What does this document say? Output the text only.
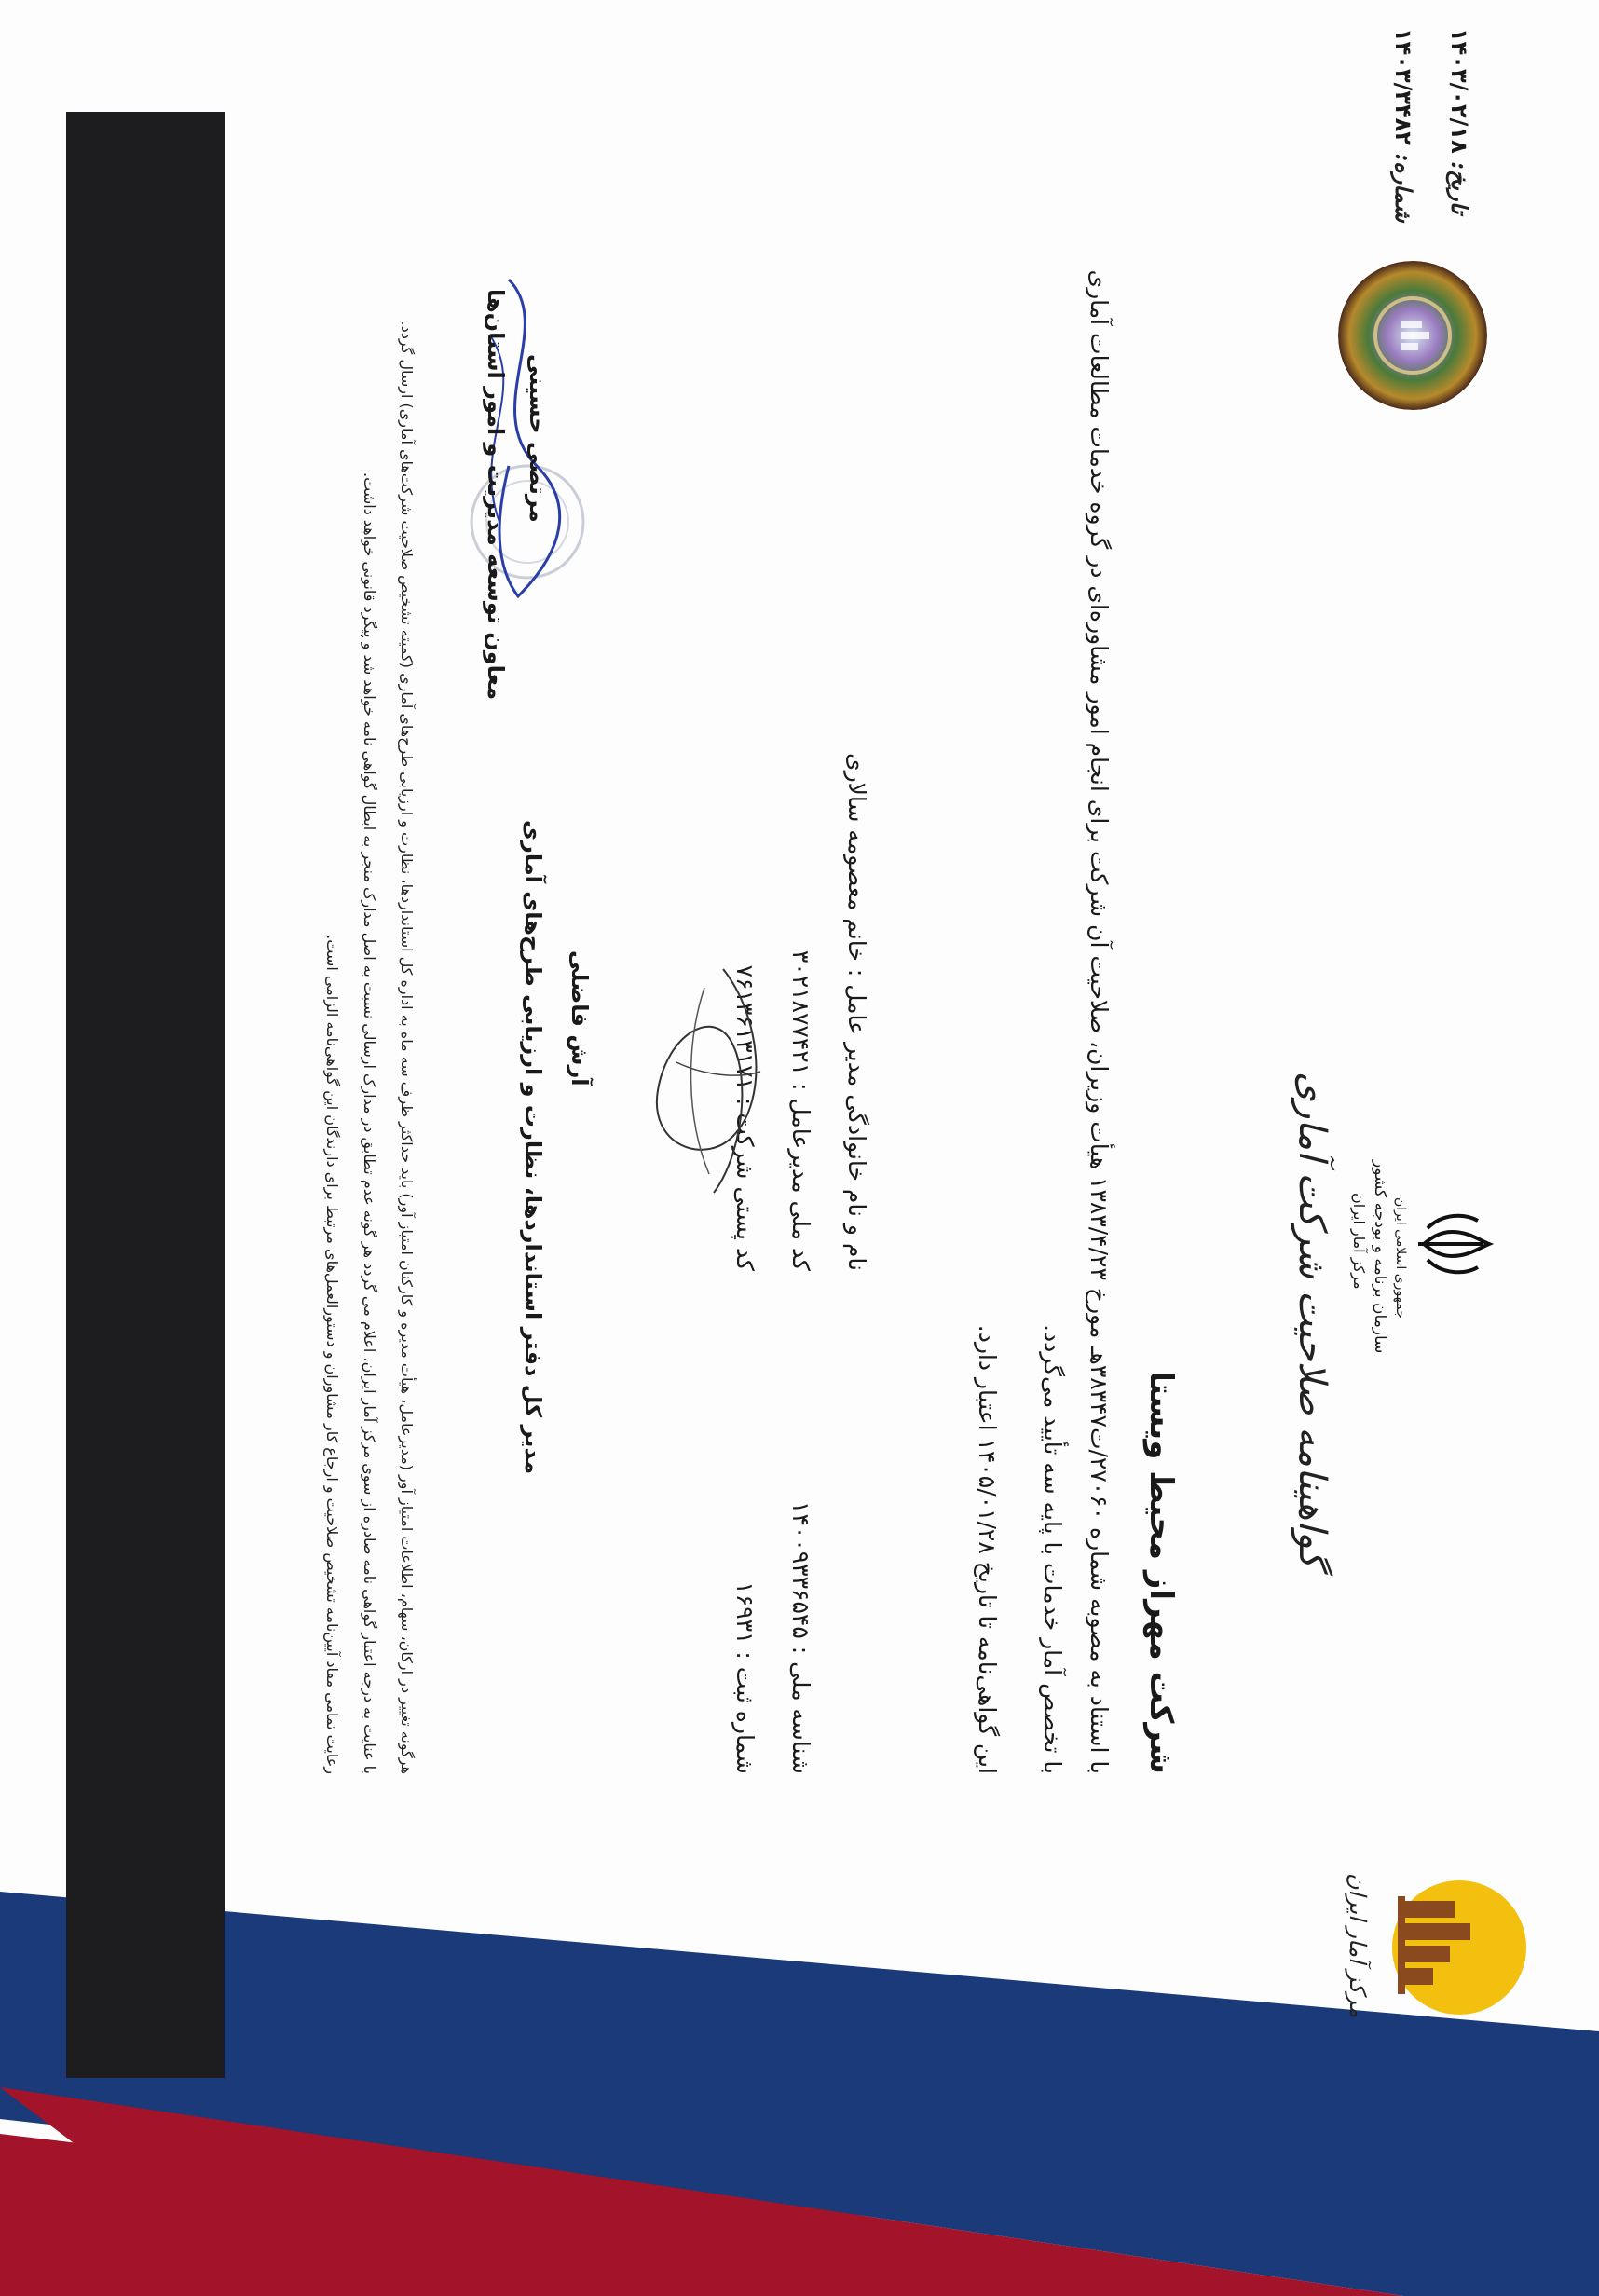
مرکز آمار ایران
جمهوری اسلامی ایران
سازمان برنامه و بودجه کشور
مرکز آمار ایران
گواهینامه صلاحیت شرکت آماری
تاریخ: ۱۴۰۳/۰۲/۱۸
شماره: ۱۴۰۳/۳۴۸۲
شرکت مهراز محیط ویستا
با استناد به مصوبه شماره ۲۷۰۶۰/ت۳۸۳۴۷هـ مورخ ۱۳۸۳/۴/۲۳ هیأت وزیران، صلاحیت آن شرکت برای انجام امور مشاوره‌ای در گروه خدمات مطالعات آماری
با تخصص آمار خدمات با پایه سه تأیید می‌گردد.
این گواهی‌نامه تا تاریخ ۱۴۰۵/۰۱/۲۸ اعتبار دارد.
نام و نام خانوادگی مدیر عامل : خانم معصومه سالاری
کد ملی مدیرعامل : ۳۰۲۱۸۷۷۴۲۱
کد پستی شرکت : ۷۶۱۳۶۱۳۱۷۱
شناسه ملی : ۱۴۰۰۹۳۳۶۵۴۵
شماره ثبت : ۱۶۹۳۱
آرش فاضلی
مدیر کل دفتر استانداردها، نظارت و ارزیابی طرح‌های آماری
مرتضی حسینی
معاون توسعه مدیریت و امور استان‌ها
هرگونه تغییر در ارکان، سهام، اطلاعات امتیاز آور (مدیرعامل، هیأت مدیره و کارکنان امتیاز آور) باید حداکثر ظرف سه ماه به اداره کل استانداردها، نظارت و ارزیابی طرح‌های آماری (کمیته تشخیص صلاحیت شرکت‌های آماری) ارسال گردد.
با عنایت به درجه اعتبار گواهی نامه صادره از سوی مرکز آمار ایران، اعلام می گردد هر گونه عدم تطابق در مدارک ارسالی نسبت به اصل مدارک منجر به ابطال گواهی نامه خواهد شد و پیگرد قانونی خواهد داشت.
رعایت تمامی مفاد آیین‌نامه تشخیص صلاحیت و ارجاع کار مشاوران و دستورالعمل‌های مرتبط برای دارندگان این گواهی‌نامه الزامی است.
